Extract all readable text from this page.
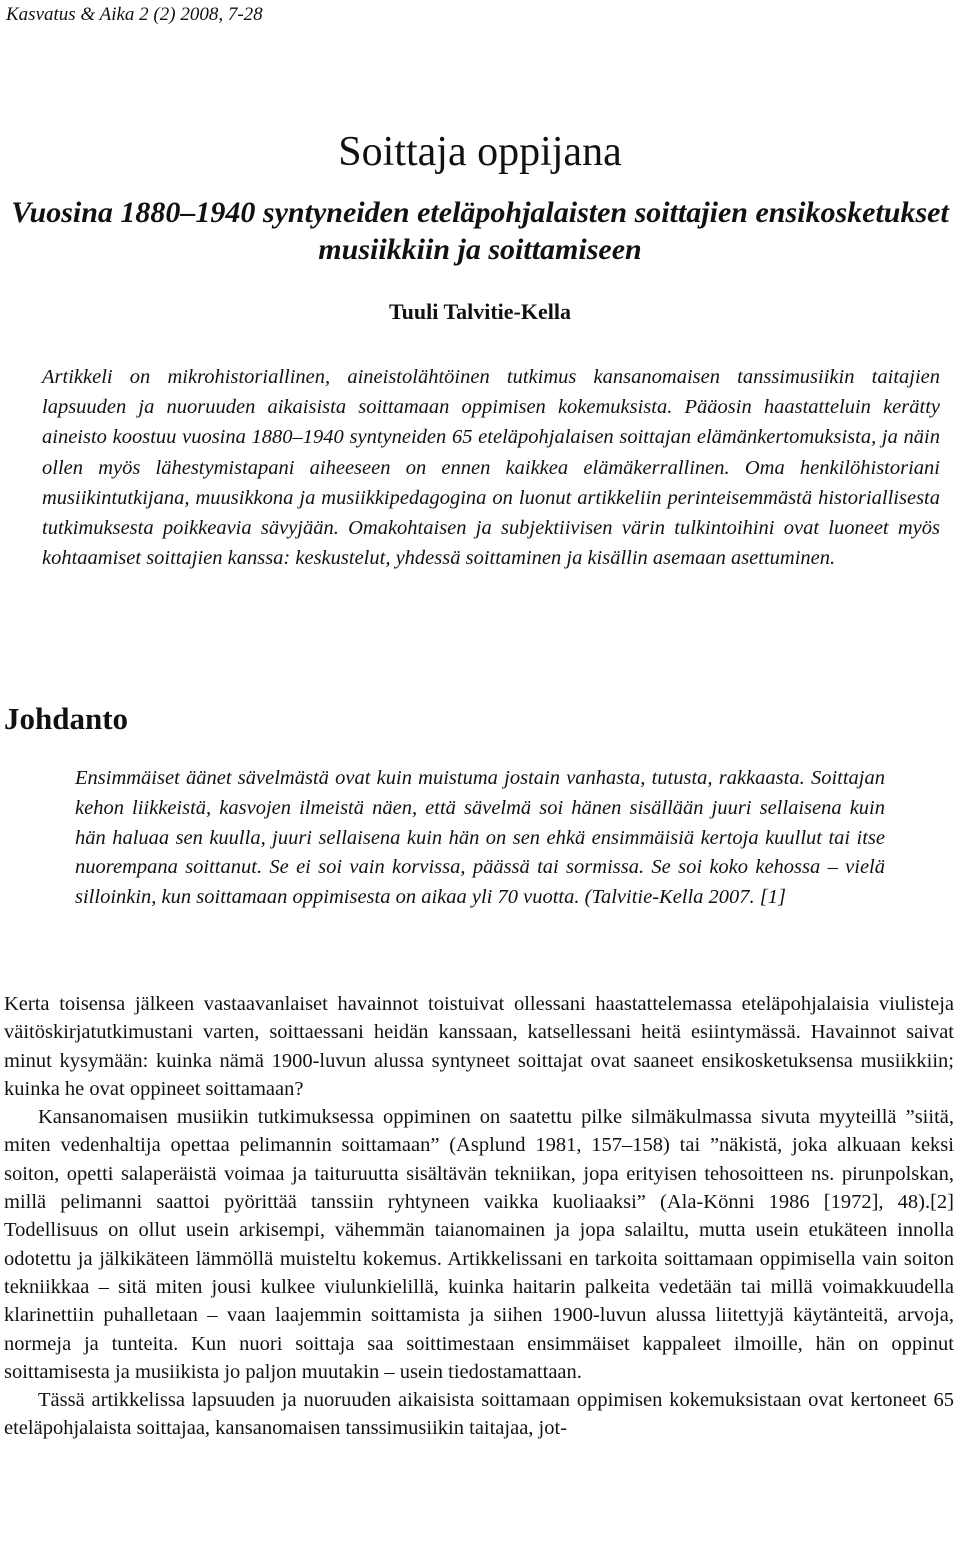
Kasvatus & Aika 2 (2) 2008, 7-28
Soittaja oppijana
Vuosina 1880–1940 syntyneiden eteläpohjalaisten soittajien ensikosketukset musiikkiin ja soittamiseen
Tuuli Talvitie-Kella

Artikkeli on mikrohistoriallinen, aineistolähtöinen tutkimus kansanomaisen tanssimusiikin taitajien lapsuuden ja nuoruuden aikaisista soittamaan oppimisen kokemuksista. Pääosin haastatteluin kerätty aineisto koostuu vuosina 1880–1940 syntyneiden 65 eteläpohjalaisen soittajan elämänkertomuksista, ja näin ollen myös lähestymistapani aiheeseen on ennen kaikkea elämäkerrallinen. Oma henkilöhistoriani musiikintutkijana, muusikkona ja musiikkipedagogina on luonut artikkeliin perinteisemmästä historiallisesta tutkimuksesta poikkeavia sävyjään. Omakohtaisen ja subjektiivisen värin tulkintoihini ovat luoneet myös kohtaamiset soittajien kanssa: keskustelut, yhdessä soittaminen ja kisällin asemaan asettuminen.

Johdanto

Ensimmäiset äänet sävelmästä ovat kuin muistuma jostain vanhasta, tutusta, rakkaasta. Soittajan kehon liikkeistä, kasvojen ilmeistä näen, että sävelmä soi hänen sisällään juuri sellaisena kuin hän haluaa sen kuulla, juuri sellaisena kuin hän on sen ehkä ensimmäisiä kertoja kuullut tai itse nuorempana soittanut. Se ei soi vain korvissa, päässä tai sormissa. Se soi koko kehossa – vielä silloinkin, kun soittamaan oppimisesta on aikaa yli 70 vuotta. (Talvitie-Kella 2007. [1]

Kerta toisensa jälkeen vastaavanlaiset havainnot toistuivat ollessani haastattelemassa eteläpohjalaisia viulisteja väitöskirjatutkimustani varten, soittaessani heidän kanssaan, katsellessani heitä esiintymässä. Havainnot saivat minut kysymään: kuinka nämä 1900-luvun alussa syntyneet soittajat ovat saaneet ensikosketuksensa musiikkiin; kuinka he ovat oppineet soittamaan?

Kansanomaisen musiikin tutkimuksessa oppiminen on saatettu pilke silmäkulmassa sivuta myyteillä ”siitä, miten vedenhaltija opettaa pelimannin soittamaan” (Asplund 1981, 157–158) tai ”näkistä, joka alkuaan keksi soiton, opetti salaperäistä voimaa ja taituruutta sisältävän tekniikan, jopa erityisen tehosoitteen ns. pirunpolskan, millä pelimanni saattoi pyörittää tanssiin ryhtyneen vaikka kuoliaaksi” (Ala-Könni 1986 [1972], 48).[2] Todellisuus on ollut usein arkisempi, vähemmän taianomainen ja jopa salailtu, mutta usein etukäteen innolla odotettu ja jälkikäteen lämmöllä muisteltu kokemus. Artikkelissani en tarkoita soittamaan oppimisella vain soiton tekniikkaa – sitä miten jousi kulkee viulunkielillä, kuinka haitarin palkeita vedetään tai millä voimakkuudella klarinettiin puhalletaan – vaan laajemmin soittamista ja siihen 1900-luvun alussa liitettyjä käytänteitä, arvoja, normeja ja tunteita. Kun nuori soittaja saa soittimestaan ensimmäiset kappaleet ilmoille, hän on oppinut soittamisesta ja musiikista jo paljon muutakin – usein tiedostamattaan.

Tässä artikkelissa lapsuuden ja nuoruuden aikaisista soittamaan oppimisen kokemuksistaan ovat kertoneet 65 eteläpohjalaista soittajaa, kansanomaisen tanssimusiikin taitajaa, jot-
